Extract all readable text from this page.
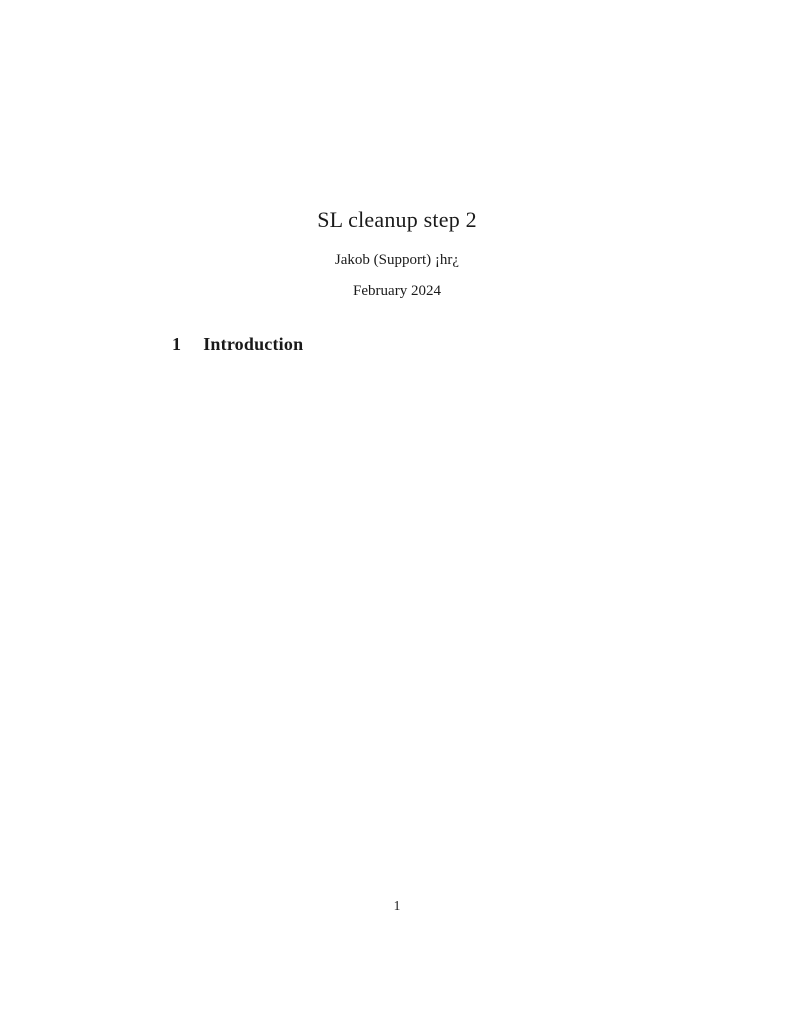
SL cleanup step 2
Jakob (Support) ¡hr¿
February 2024
1 Introduction
1
